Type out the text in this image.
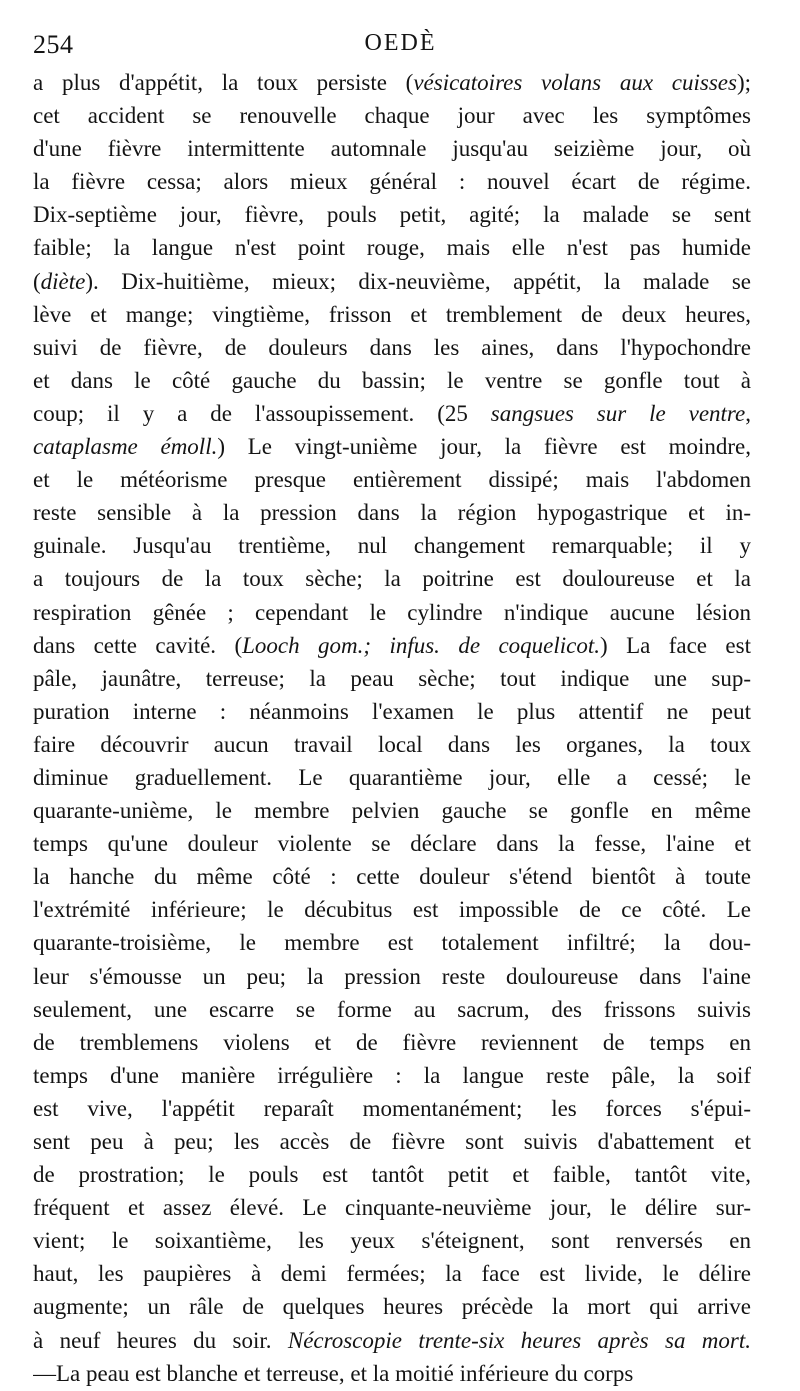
254	OEDÈ
a plus d'appétit, la toux persiste (vésicatoires volans aux cuisses);
cet accident se renouvelle chaque jour avec les symptômes
d'une fièvre intermittente automnale jusqu'au seizième jour, où
la fièvre cessa; alors mieux général : nouvel écart de régime.
Dix-septième jour, fièvre, pouls petit, agité; la malade se sent
faible; la langue n'est point rouge, mais elle n'est pas humide
(diète). Dix-huitième, mieux; dix-neuvième, appétit, la malade se
lève et mange; vingtième, frisson et tremblement de deux heures,
suivi de fièvre, de douleurs dans les aines, dans l'hypochondre
et dans le côté gauche du bassin; le ventre se gonfle tout à
coup; il y a de l'assoupissement. (25 sangsues sur le ventre,
cataplasme émoll.) Le vingt-unième jour, la fièvre est moindre,
et le météorisme presque entièrement dissipé; mais l'abdomen
reste sensible à la pression dans la région hypogastrique et in-
guinale. Jusqu'au trentième, nul changement remarquable; il y
a toujours de la toux sèche; la poitrine est douloureuse et la
respiration gênée ; cependant le cylindre n'indique aucune lésion
dans cette cavité. (Looch gom.; infus. de coquelicot.) La face est
pâle, jaunâtre, terreuse; la peau sèche; tout indique une sup-
puration interne : néanmoins l'examen le plus attentif ne peut
faire découvrir aucun travail local dans les organes, la toux
diminue graduellement. Le quarantième jour, elle a cessé; le
quarante-unième, le membre pelvien gauche se gonfle en même
temps qu'une douleur violente se déclare dans la fesse, l'aine et
la hanche du même côté : cette douleur s'étend bientôt à toute
l'extrémité inférieure; le décubitus est impossible de ce côté. Le
quarante-troisième, le membre est totalement infiltré; la dou-
leur s'émousse un peu; la pression reste douloureuse dans l'aine
seulement, une escarre se forme au sacrum, des frissons suivis
de tremblemens violens et de fièvre reviennent de temps en
temps d'une manière irrégulière : la langue reste pâle, la soif
est vive, l'appétit reparaît momentanément; les forces s'épui-
sent peu à peu; les accès de fièvre sont suivis d'abattement et
de prostration; le pouls est tantôt petit et faible, tantôt vite,
fréquent et assez élevé. Le cinquante-neuvième jour, le délire sur-
vient; le soixantième, les yeux s'éteignent, sont renversés en
haut, les paupières à demi fermées; la face est livide, le délire
augmente; un râle de quelques heures précède la mort qui arrive
à neuf heures du soir. Nécroscopie trente-six heures après sa mort.
—La peau est blanche et terreuse, et la moitié inférieure du corps
